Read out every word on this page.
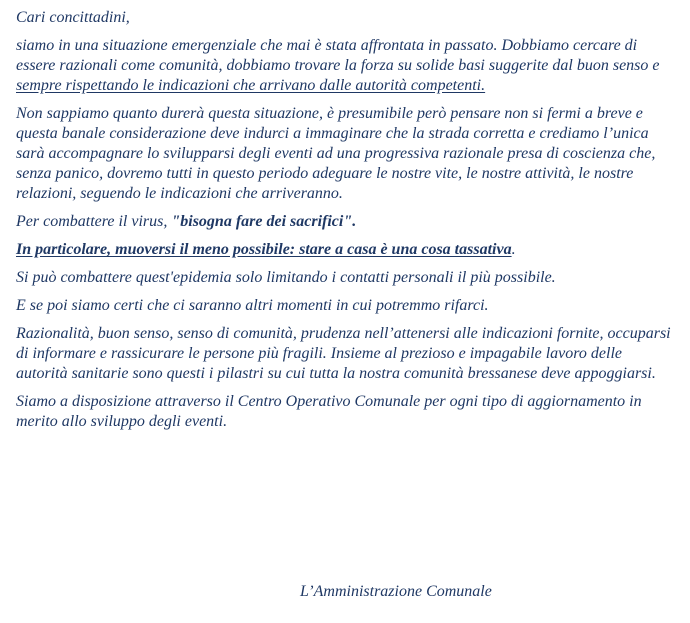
Cari concittadini,

siamo in una situazione emergenziale che mai è stata affrontata in passato. Dobbiamo cercare di essere razionali come comunità, dobbiamo trovare la forza su solide basi suggerite dal buon senso e sempre rispettando le indicazioni che arrivano dalle autorità competenti.

Non sappiamo quanto durerà questa situazione, è presumibile però pensare non si fermi a breve e questa banale considerazione deve indurci a immaginare che la strada corretta e crediamo l’unica sarà accompagnare lo svilupparsi degli eventi ad una progressiva razionale presa di coscienza che, senza panico, dovremo tutti in questo periodo adeguare le nostre vite, le nostre attività, le nostre relazioni, seguendo le indicazioni che arriveranno.

Per combattere il virus, "bisogna fare dei sacrifici".

In particolare, muoversi il meno possibile: stare a casa è una cosa tassativa.

Si può combattere quest'epidemia solo limitando i contatti personali il più possibile.

E se poi siamo certi che ci saranno altri momenti in cui potremmo rifarci.

Razionalità, buon senso, senso di comunità, prudenza nell’attenersi alle indicazioni fornite, occuparsi di informare e rassicurare le persone più fragili. Insieme al prezioso e impagabile lavoro delle autorità sanitarie sono questi i pilastri su cui tutta la nostra comunità bressanese deve appoggiarsi.

Siamo a disposizione attraverso il Centro Operativo Comunale per ogni tipo di aggiornamento in merito allo sviluppo degli eventi.

L’Amministrazione Comunale
